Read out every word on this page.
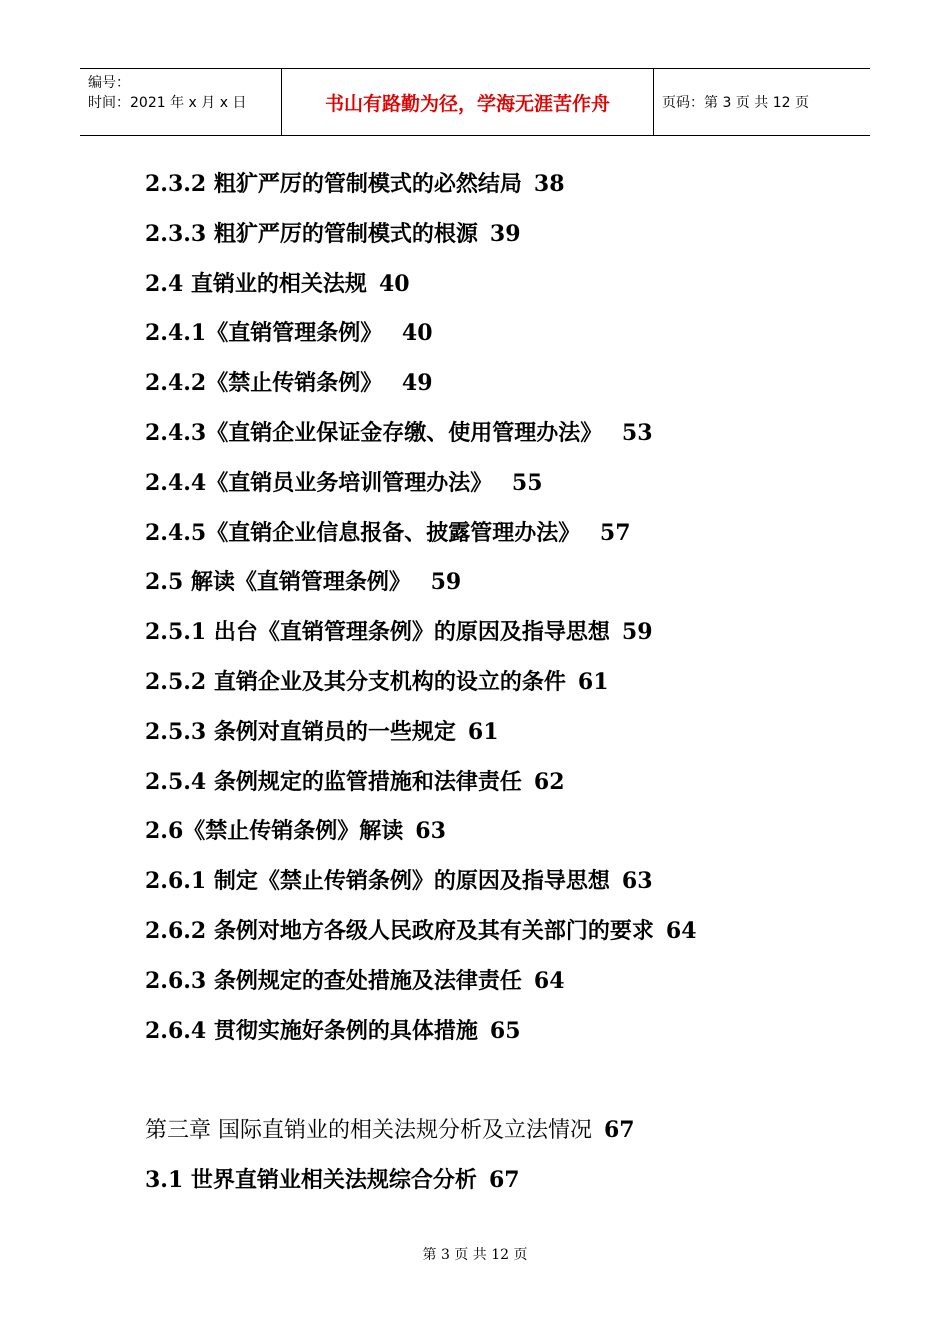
编号：
时间：2021 年 x 月 x 日	书山有路勤为径，学海无涯苦作舟	页码：第 3 页 共 12 页
2.3.2 粗犷严厉的管制模式的必然结局 38
2.3.3 粗犷严厉的管制模式的根源 39
2.4 直销业的相关法规 40
2.4.1《直销管理条例》 40
2.4.2《禁止传销条例》 49
2.4.3《直销企业保证金存缴、使用管理办法》 53
2.4.4《直销员业务培训管理办法》 55
2.4.5《直销企业信息报备、披露管理办法》 57
2.5 解读《直销管理条例》 59
2.5.1 出台《直销管理条例》的原因及指导思想 59
2.5.2 直销企业及其分支机构的设立的条件 61
2.5.3 条例对直销员的一些规定 61
2.5.4 条例规定的监管措施和法律责任 62
2.6《禁止传销条例》解读 63
2.6.1 制定《禁止传销条例》的原因及指导思想 63
2.6.2 条例对地方各级人民政府及其有关部门的要求 64
2.6.3 条例规定的查处措施及法律责任 64
2.6.4 贯彻实施好条例的具体措施 65
第三章 国际直销业的相关法规分析及立法情况 67
3.1 世界直销业相关法规综合分析 67
第 3 页 共 12 页
